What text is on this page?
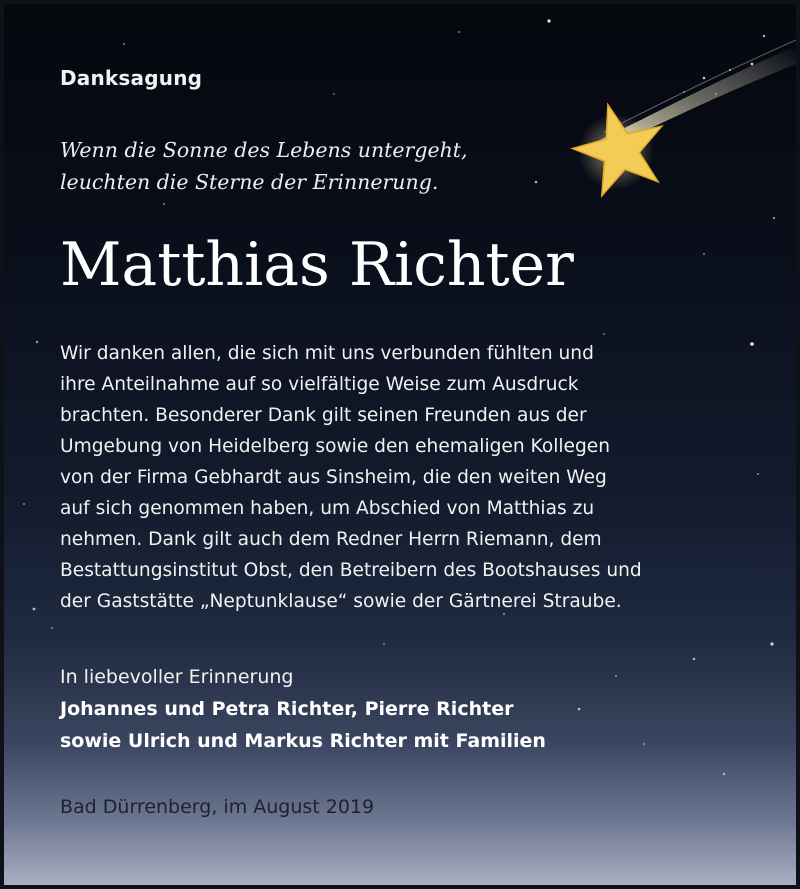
Danksagung
Wenn die Sonne des Lebens untergeht,
leuchten die Sterne der Erinnerung.
Matthias Richter
Wir danken allen, die sich mit uns verbunden fühlten und
ihre Anteilnahme auf so vielfältige Weise zum Ausdruck
brachten. Besonderer Dank gilt seinen Freunden aus der
Umgebung von Heidelberg sowie den ehemaligen Kollegen
von der Firma Gebhardt aus Sinsheim, die den weiten Weg
auf sich genommen haben, um Abschied von Matthias zu
nehmen. Dank gilt auch dem Redner Herrn Riemann, dem
Bestattungsinstitut Obst, den Betreibern des Bootshauses und
der Gaststätte „Neptunklause“ sowie der Gärtnerei Straube.
In liebevoller Erinnerung
Johannes und Petra Richter, Pierre Richter
sowie Ulrich und Markus Richter mit Familien
Bad Dürrenberg, im August 2019
